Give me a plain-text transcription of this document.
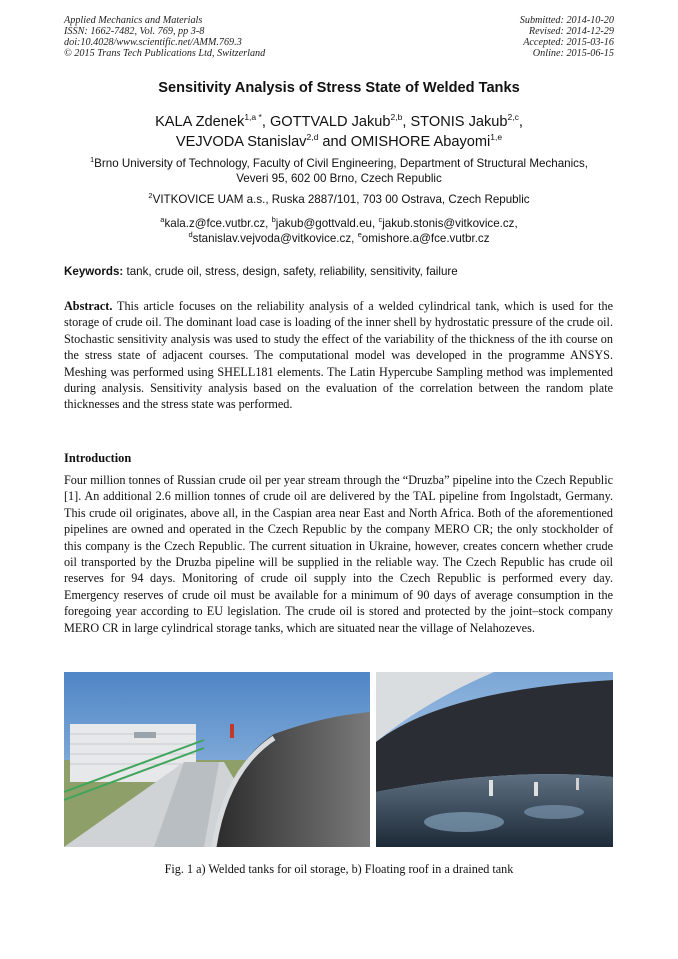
Applied Mechanics and Materials
ISSN: 1662-7482, Vol. 769, pp 3-8
doi:10.4028/www.scientific.net/AMM.769.3
© 2015 Trans Tech Publications Ltd, Switzerland
Submitted: 2014-10-20
Revised: 2014-12-29
Accepted: 2015-03-16
Online: 2015-06-15
Sensitivity Analysis of Stress State of Welded Tanks
KALA Zdenek$^{1,a *}$, GOTTVALD Jakub$^{2,b}$, STONIS Jakub$^{2,c}$,
VEJVODA Stanislav$^{2,d}$ and OMISHORE Abayomi$^{1,e}$
$^1$Brno University of Technology, Faculty of Civil Engineering, Department of Structural Mechanics,
Veveri 95, 602 00 Brno, Czech Republic
$^2$VITKOVICE UAM a.s., Ruska 2887/101, 703 00 Ostrava, Czech Republic
$^a$kala.z@fce.vutbr.cz, $^b$jakub@gottvald.eu, $^c$jakub.stonis@vitkovice.cz,
$^d$stanislav.vejvoda@vitkovice.cz, $^e$omishore.a@fce.vutbr.cz
Keywords: tank, crude oil, stress, design, safety, reliability, sensitivity, failure
Abstract. This article focuses on the reliability analysis of a welded cylindrical tank, which is used for the storage of crude oil. The dominant load case is loading of the inner shell by hydrostatic pressure of the crude oil. Stochastic sensitivity analysis was used to study the effect of the variability of the thickness of the ith course on the stress state of adjacent courses. The computational model was developed in the programme ANSYS. Meshing was performed using SHELL181 elements. The Latin Hypercube Sampling method was implemented during analysis. Sensitivity analysis based on the evaluation of the correlation between the random plate thicknesses and the stress state was performed.
Introduction
Four million tonnes of Russian crude oil per year stream through the “Druzba” pipeline into the Czech Republic [1]. An additional 2.6 million tonnes of crude oil are delivered by the TAL pipeline from Ingolstadt, Germany. This crude oil originates, above all, in the Caspian area near East and North Africa. Both of the aforementioned pipelines are owned and operated in the Czech Republic by the company MERO CR; the only stockholder of this company is the Czech Republic. The current situation in Ukraine, however, creates concern whether crude oil transported by the Druzba pipeline will be supplied in the reliable way. The Czech Republic has crude oil reserves for 94 days. Monitoring of crude oil supply into the Czech Republic is performed every day. Emergency reserves of crude oil must be available for a minimum of 90 days of average consumption in the foregoing year according to EU legislation. The crude oil is stored and protected by the joint–stock company MERO CR in large cylindrical storage tanks, which are situated near the village of Nelahozeves.
Fig. 1 a) Welded tanks for oil storage, b) Floating roof in a drained tank
